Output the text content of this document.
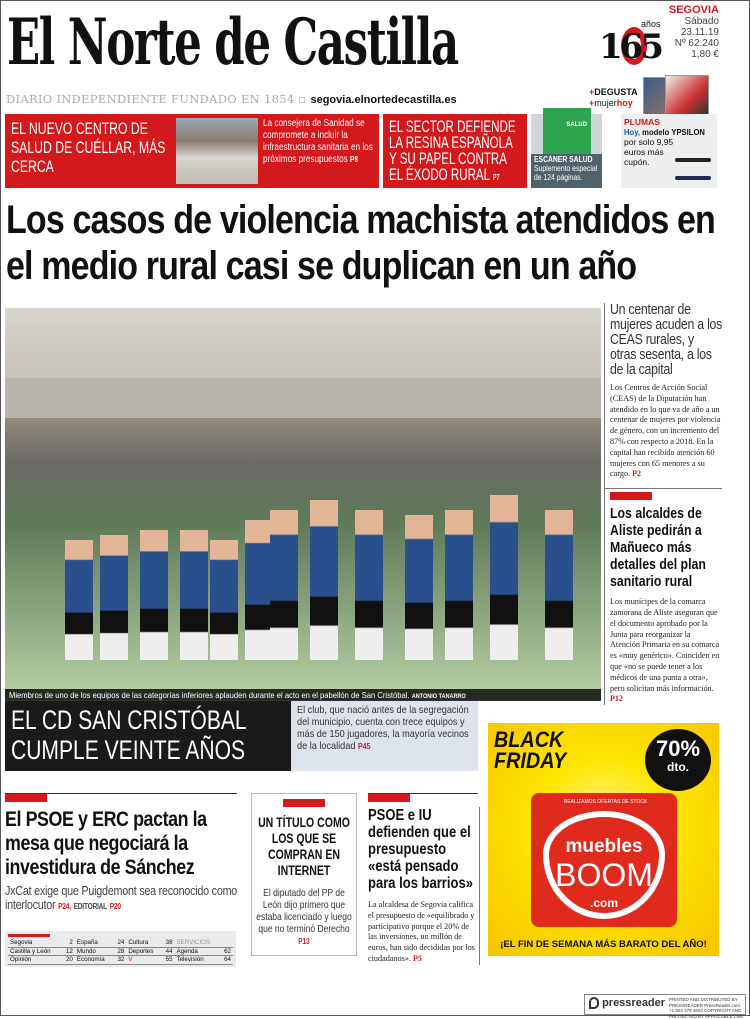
El Norte de Castilla	165
años
SEGOVIA
Sábado
23.11.19
Nº 62.240
1,80 €
DIARIO INDEPENDIENTE FUNDADO EN 1854 ▫ segovia.elnortedecastilla.es
+DEGUSTA
+mujerhoy
EL NUEVO CENTRO DE SALUD DE CUÉLLAR, MÁS CERCA

La consejera de Sanidad se compromete a incluir la infraestructura sanitaria en los próximos presupuestos P8

EL SECTOR DEFIENDE LA RESINA ESPAÑOLA Y SU PAPEL CONTRA EL ÉXODO RURAL P7
SALUD
ESCÁNER SALUD
Suplemento especial de 124 páginas.
PLUMAS
Hoy, modelo YPSILON
por solo 9,95 euros más cupón.
Los casos de violencia machista atendidos en el medio rural casi se duplican en un año
Miembros de uno de los equipos de las categorías inferiores aplauden durante el acto en el pabellón de San Cristóbal. ANTONIO TANARRO
EL CD SAN CRISTÓBAL CUMPLE VEINTE AÑOS
El club, que nació antes de la segregación del municipio, cuenta con trece equipos y más de 150 jugadores, la mayoría vecinos de la localidad P45
Un centenar de mujeres acuden a los CEAS rurales, y otras sesenta, a los de la capital
Los Centros de Acción Social (CEAS) de la Diputación han atendido en lo que va de año a un centenar de mujeres por violencia de género, con un incremento del 87% con respecto a 2018. En la capital han recibido atención 60 mujeres con 65 menores a su cargo. P2
Los alcaldes de Aliste pedirán a Mañueco más detalles del plan sanitario rural
Los munícipes de la comarca zamorana de Aliste aseguran que el documento aprobado por la Junta para reorganizar la Atención Primaria en su comarca es «muy genérico». Coinciden en que «no se puede tener a los médicos de una punta a otra», pero solicitan más información. P12
BLACK
FRIDAY	70%
dto.
REALIZAMOS OFERTAS DE STOCK
muebles
BOOM
.com
¡EL FIN DE SEMANA MÁS BARATO DEL AÑO!
El PSOE y ERC pactan la mesa que negociará la investidura de Sánchez
JxCat exige que Puigdemont sea reconocido como interlocutor P24, EDITORIAL P20
Segovia	2	España	24	Cultura	38	SERVICIOS	
Castilla y León	12	Mundo	28	Deportes	44	Agenda	62
Opinión	20	Economía	32	V	55	Televisión	64
UN TÍTULO COMO LOS QUE SE COMPRAN EN INTERNET

El diputado del PP de León dijo primero que estaba licenciado y luego que no terminó Derecho P13

PSOE e IU defienden que el presupuesto «está pensado para los barrios»
La alcaldesa de Segovia califica el presupuesto de «equilibrado y participativo porque el 20% de las inversiones, un millón de euros, han sido decididas por los ciudadanos». P5
pressreader PRINTED AND DISTRIBUTED BY PRESSREADER PressReader.com +1 604 278 4604 COPYRIGHT AND PROTECTED BY APPLICABLE LAW
